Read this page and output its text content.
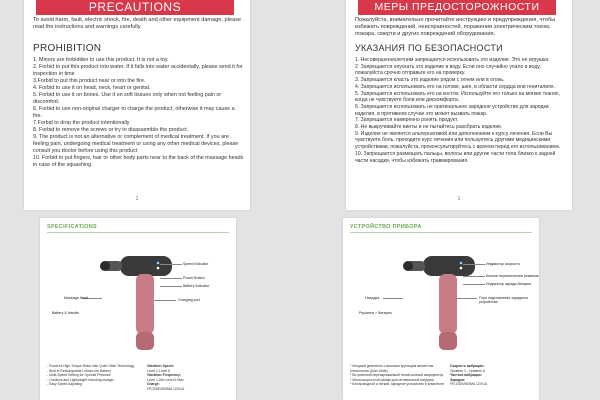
PRECAUTIONS
To avoid harm, fault, electric shock, fire, death and other equipment damage, please read the instructions and warnings carefully.
PROHIBITION
1. Minors are forbidden to use this product. It is not a toy.
2. Forbid to put this product into water. If it falls into water accidentally, please send it for inspection in time
3.Forbid to put this product near or into the fire.
4. Forbid to use it on head, neck, heart or genital.
5. Forbid to use it on bones. Use it on soft tissues only when not feeling pain or discomfort.
6. Forbid to use non-original charger to charge the product, otherwise it may cause a fire.
7.Forbid to drop the product intentionally
8. Forbid to remove the screws or try to disassemble the product.
9. The product is not an alternative or complement of medical treatment. If you are feeling pain, undergoing medical treatment or using any other medical devices, please consult you doctor before using this product
10. Forbid to put fingers, hair or other body parts near to the back of the massage heads in case of the squashing.
1
МЕРЫ ПРЕДОСТОРОЖНОСТИ
Пожалуйста, внимательно прочитайте инструкцию и предупреждения, чтобы избежать повреждений, неисправностей, поражения электрическим током, пожара, смерти и других повреждений оборудования.
УКАЗАНИЯ ПО БЕЗОПАСНОСТИ
1. Несовершеннолетним запрещается использовать это изделие. Это не игрушка.
2. Запрещается опускать это изделие в воду. Если оно случайно упало в воду, пожалуйста срочно отправьте его на проверку.
3. Запрещается класть это изделие рядом с огнем или в огонь.
4. Запрещается использовать его на голове, шее, в области сердца или гениталиях.
5. Запрещается использовать его на костях. Используйте его только на мягких тканях, когда не чувствуете боли или дискомфорта.
6. Запрещается использовать не оригинальное зарядное устройство для зарядки изделия, в противном случае это может вызвать пожар.
7. Запрещается намеренно ронять продукт.
8. Не выкручивайте винты и не пытайтесь разобрать изделие.
9. Изделие не является альтернативой или дополнением к курсу лечения. Если Вы чувствуете боль, проходите курс лечения или пользуетесь другими медицинскими устройствами, пожалуйста, проконсультируйтесь с врачом перед его использованием.
10. Запрещается размещать пальцы, волосы или другие части тела близко к задней части насадки, чтобы избежать травмирования.
1
SPECIFICATIONS
Speed Indicator
Power Button
Battery Indicator
Massage Head	Charging port
Battery & Handle
- Powerful High-Torque Motor with Quiet Glide Technology
- Built-in Rechargeable Lithium-Ion Battery
- Multi-Speed Setting for Optimal Pressure
- Cordless and Lightweight including charger
- Easy Speed Adjusting
Vibration Speed:
Level 1-Level 6
Vibration Frequency:
Level 1-Min Level 6 Max
Charge:
FR-DS5V500MA 12V/1A
УСТРОЙСТВО ПРИБОРА
Индикатор скорости
Кнопка переключения режимов
Индикатор заряда батареи
Насадка	Порт подключения зарядного устройства
Рукоятка + батарея
* Мощный двигатель с высоким крутящим моментом (технология Quiet Glide)
* Встроенный перезаряжаемый литий-ионный аккумулятор
* Многоскоростной режим для оптимальной нагрузки
* Беспроводной и легкий, зарядное устройство в комплекте
Скорость вибрации:
Уровень 1 - Уровень 6
Частота вибрации:
Зарядка:
FR-DS5V500MA 12V/1A
